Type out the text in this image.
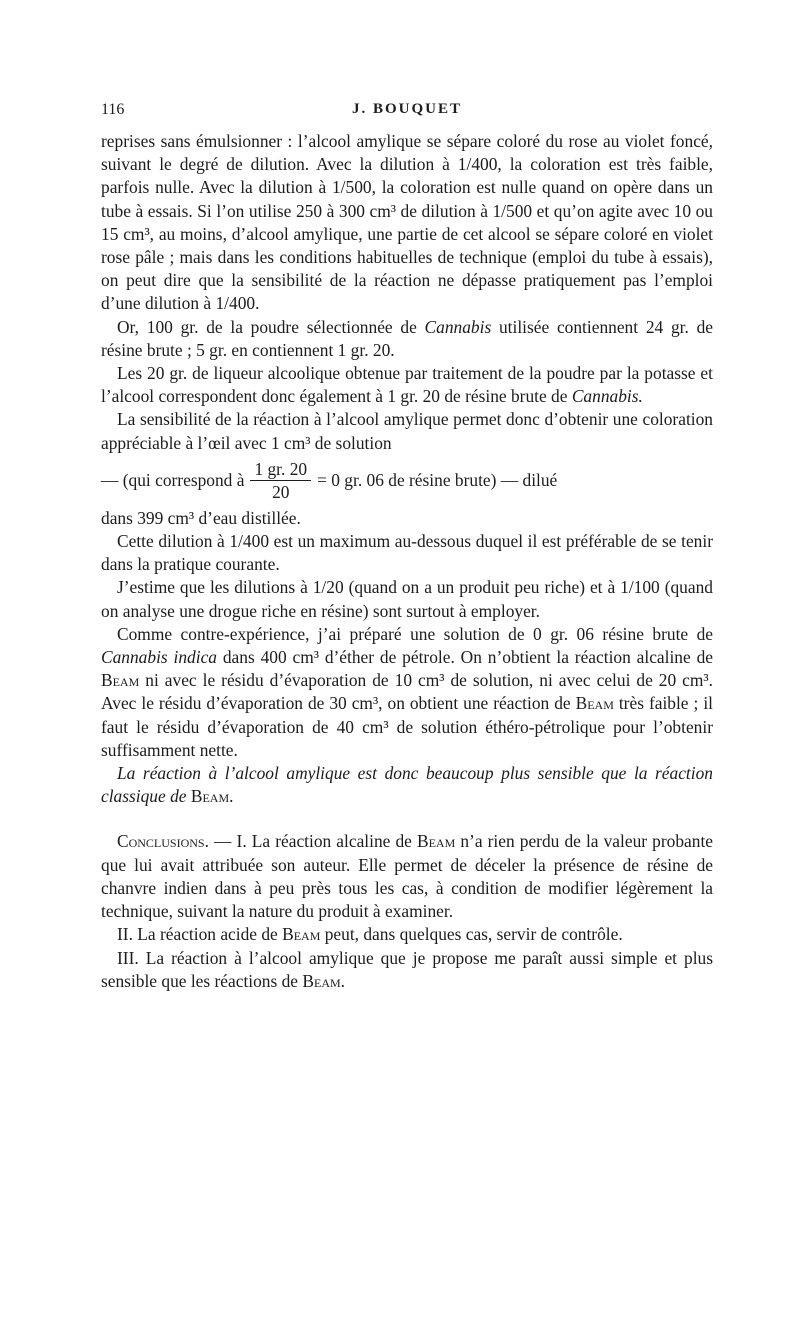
116	J. BOUQUET

reprises sans émulsionner : l’alcool amylique se sépare coloré du rose au violet foncé, suivant le degré de dilution. Avec la dilution à 1/400, la coloration est très faible, parfois nulle. Avec la dilution à 1/500, la coloration est nulle quand on opère dans un tube à essais. Si l’on utilise 250 à 300 cm³ de dilution à 1/500 et qu’on agite avec 10 ou 15 cm³, au moins, d’alcool amylique, une partie de cet alcool se sépare coloré en violet rose pâle ; mais dans les conditions habituelles de technique (emploi du tube à essais), on peut dire que la sensibilité de la réaction ne dépasse pratiquement pas l’emploi d’une dilution à 1/400.

Or, 100 gr. de la poudre sélectionnée de Cannabis utilisée contiennent 24 gr. de résine brute ; 5 gr. en contiennent 1 gr. 20.

Les 20 gr. de liqueur alcoolique obtenue par traitement de la poudre par la potasse et l’alcool correspondent donc également à 1 gr. 20 de résine brute de Cannabis.

La sensibilité de la réaction à l’alcool amylique permet donc d’obtenir une coloration appréciable à l’œil avec 1 cm³ de solution

— (qui correspond à $\frac{1 gr. 20}{20} = 0$ gr. 06 de résine brute) — dilué

dans 399 cm³ d’eau distillée.

Cette dilution à 1/400 est un maximum au-dessous duquel il est préférable de se tenir dans la pratique courante.

J’estime que les dilutions à 1/20 (quand on a un produit peu riche) et à 1/100 (quand on analyse une drogue riche en résine) sont surtout à employer.

Comme contre-expérience, j’ai préparé une solution de 0 gr. 06 résine brute de Cannabis indica dans 400 cm³ d’éther de pétrole. On n’obtient la réaction alcaline de Beam ni avec le résidu d’évaporation de 10 cm³ de solution, ni avec celui de 20 cm³. Avec le résidu d’évaporation de 30 cm³, on obtient une réaction de Beam très faible ; il faut le résidu d’évaporation de 40 cm³ de solution éthéro-pétrolique pour l’obtenir suffisamment nette.

La réaction à l’alcool amylique est donc beaucoup plus sensible que la réaction classique de Beam.

Conclusions. — I. La réaction alcaline de Beam n’a rien perdu de la valeur probante que lui avait attribuée son auteur. Elle permet de déceler la présence de résine de chanvre indien dans à peu près tous les cas, à condition de modifier légèrement la technique, suivant la nature du produit à examiner.

II. La réaction acide de Beam peut, dans quelques cas, servir de contrôle.

III. La réaction à l’alcool amylique que je propose me paraît aussi simple et plus sensible que les réactions de Beam.
